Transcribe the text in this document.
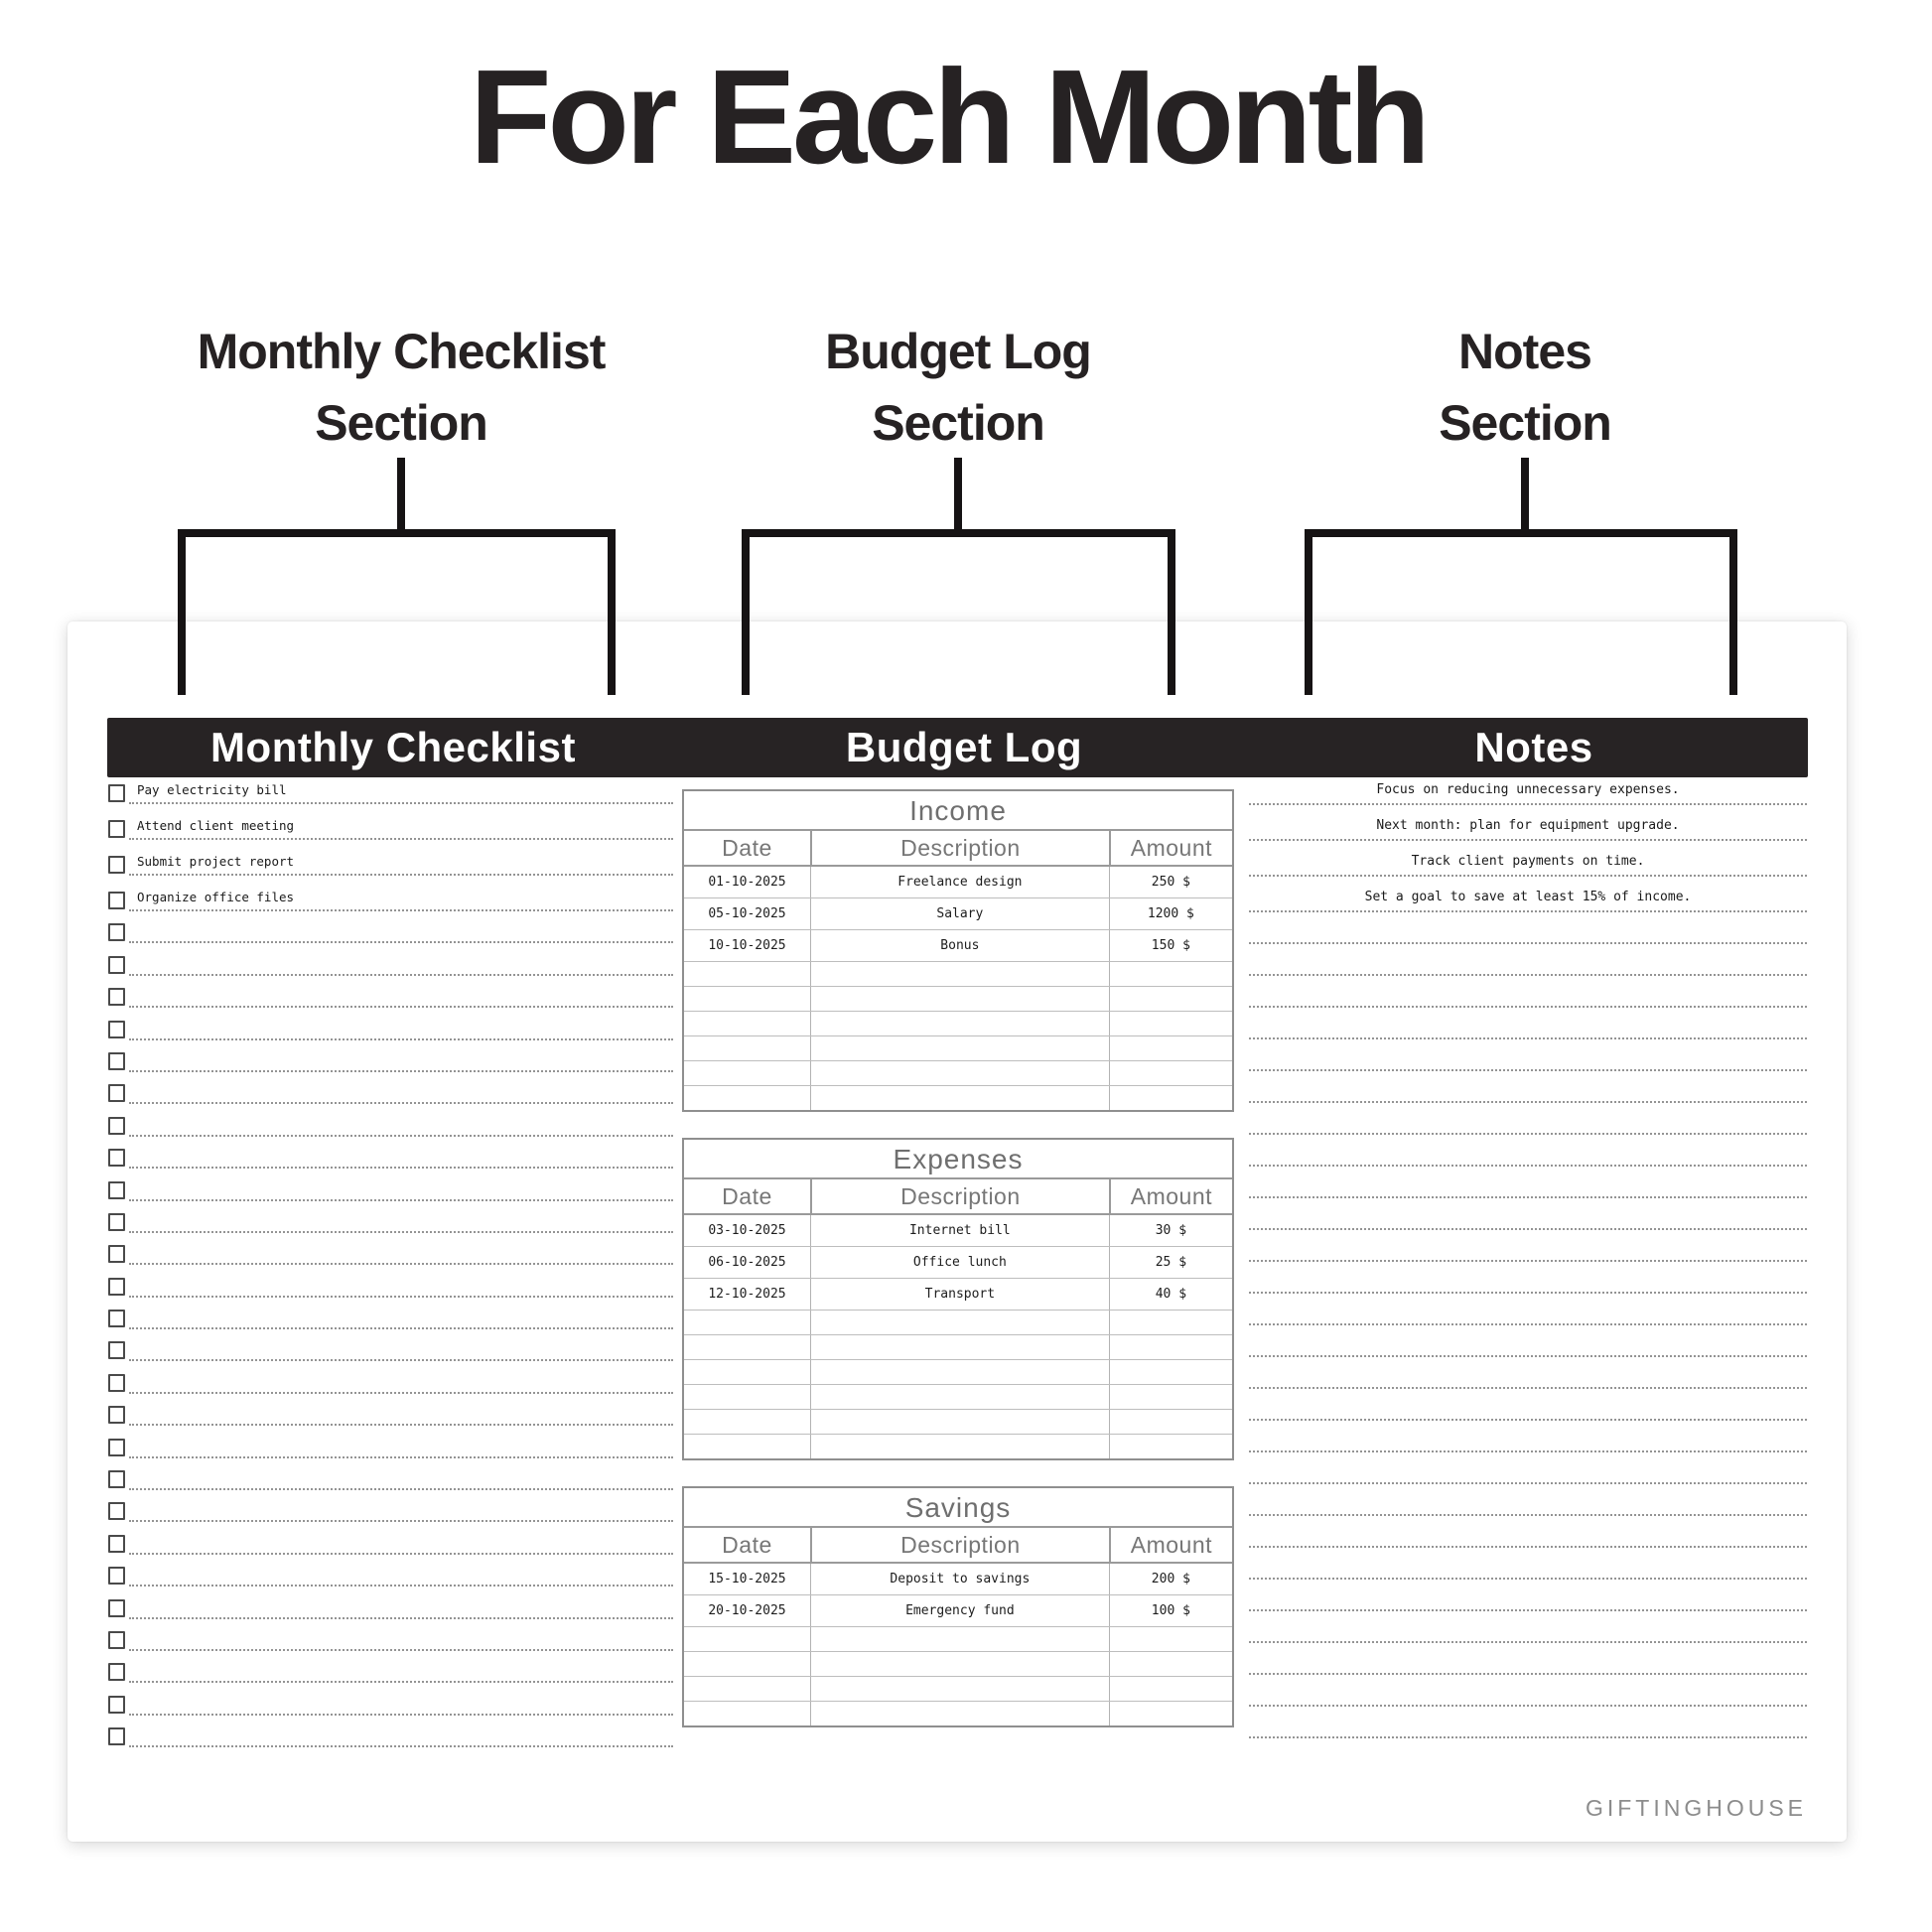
For Each Month
Monthly Checklist
Section
Budget Log
Section
Notes
Section
Monthly Checklist	Budget Log	Notes
Pay electricity bill
Attend client meeting
Submit project report
Organize office files
Income
Date	Description	Amount
01-10-2025	Freelance design	250 $
05-10-2025	Salary	1200 $
10-10-2025	Bonus	150 $
Expenses
Date	Description	Amount
03-10-2025	Internet bill	30 $
06-10-2025	Office lunch	25 $
12-10-2025	Transport	40 $
Savings
Date	Description	Amount
15-10-2025	Deposit to savings	200 $
20-10-2025	Emergency fund	100 $
Focus on reducing unnecessary expenses.
Next month: plan for equipment upgrade.
Track client payments on time.
Set a goal to save at least 15% of income.
GIFTINGHOUSE
